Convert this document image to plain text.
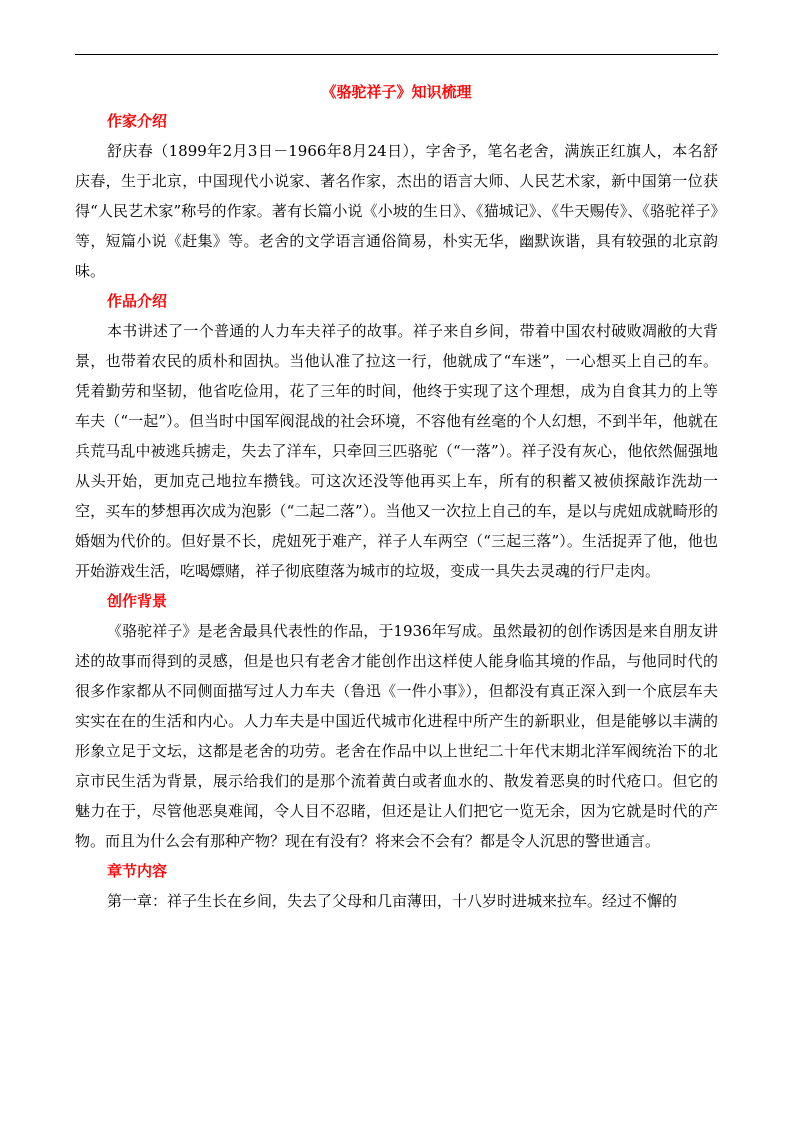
《骆驼祥子》知识梳理
作家介绍

舒庆春（1899年2月3日－1966年8月24日），字舍予，笔名老舍，满族正红旗人，本名舒庆春，生于北京，中国现代小说家、著名作家，杰出的语言大师、人民艺术家，新中国第一位获得“人民艺术家”称号的作家。著有长篇小说《小坡的生日》、《猫城记》、《牛天赐传》、《骆驼祥子》等，短篇小说《赶集》等。老舍的文学语言通俗简易，朴实无华，幽默诙谐，具有较强的北京韵味。

作品介绍

本书讲述了一个普通的人力车夫祥子的故事。祥子来自乡间，带着中国农村破败凋敝的大背景，也带着农民的质朴和固执。当他认准了拉这一行，他就成了“车迷”，一心想买上自己的车。凭着勤劳和坚韧，他省吃俭用，花了三年的时间，他终于实现了这个理想，成为自食其力的上等车夫（“一起”）。但当时中国军阀混战的社会环境，不容他有丝毫的个人幻想，不到半年，他就在兵荒马乱中被逃兵掳走，失去了洋车，只牵回三匹骆驼（“一落”）。祥子没有灰心，他依然倔强地从头开始，更加克己地拉车攒钱。可这次还没等他再买上车，所有的积蓄又被侦探敲诈洗劫一空，买车的梦想再次成为泡影（“二起二落”）。当他又一次拉上自己的车，是以与虎妞成就畸形的婚姻为代价的。但好景不长，虎妞死于难产，祥子人车两空（“三起三落”）。生活捉弄了他，他也开始游戏生活，吃喝嫖赌，祥子彻底堕落为城市的垃圾，变成一具失去灵魂的行尸走肉。

创作背景

《骆驼祥子》是老舍最具代表性的作品，于1936年写成。虽然最初的创作诱因是来自朋友讲述的故事而得到的灵感，但是也只有老舍才能创作出这样使人能身临其境的作品，与他同时代的很多作家都从不同侧面描写过人力车夫（鲁迅《一件小事》），但都没有真正深入到一个底层车夫实实在在的生活和内心。人力车夫是中国近代城市化进程中所产生的新职业，但是能够以丰满的形象立足于文坛，这都是老舍的功劳。老舍在作品中以上世纪二十年代末期北洋军阀统治下的北京市民生活为背景，展示给我们的是那个流着黄白或者血水的、散发着恶臭的时代疮口。但它的魅力在于，尽管他恶臭难闻，令人目不忍睹，但还是让人们把它一览无余，因为它就是时代的产物。而且为什么会有那种产物？现在有没有？将来会不会有？都是令人沉思的警世通言。

章节内容

第一章：祥子生长在乡间，失去了父母和几亩薄田，十八岁时进城来拉车。经过不懈的
